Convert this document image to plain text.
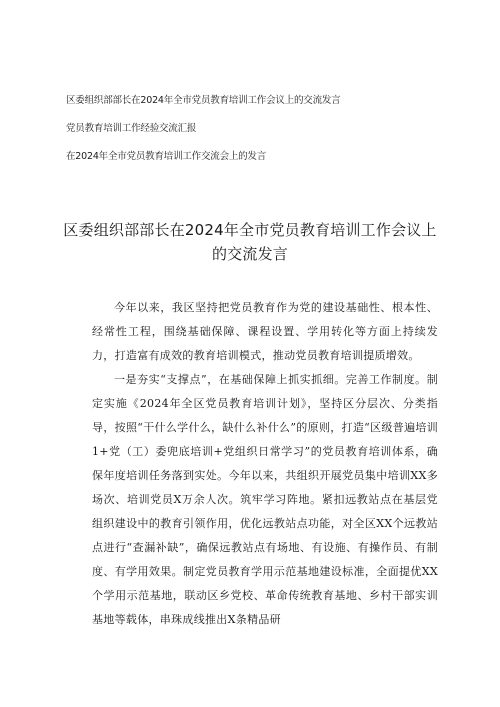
区委组织部部长在2024年全市党员教育培训工作会议上的交流发言
党员教育培训工作经验交流汇报
在2024年全市党员教育培训工作交流会上的发言
区委组织部部长在2024年全市党员教育培训工作会议上
的交流发言

今年以来，我区坚持把党员教育作为党的建设基础性、根本性、经常性工程，围绕基础保障、课程设置、学用转化等方面上持续发力，打造富有成效的教育培训模式，推动党员教育培训提质增效。

一是夯实“支撑点”，在基础保障上抓实抓细。完善工作制度。制定实施《2024年全区党员教育培训计划》，坚持区分层次、分类指导，按照“干什么学什么，缺什么补什么”的原则，打造“区级普遍培训1+党（工）委兜底培训+党组织日常学习”的党员教育培训体系，确保年度培训任务落到实处。今年以来，共组织开展党员集中培训XX多场次、培训党员X万余人次。筑牢学习阵地。紧扣远教站点在基层党组织建设中的教育引领作用，优化远教站点功能，对全区XX个远教站点进行“查漏补缺”，确保远教站点有场地、有设施、有操作员、有制度、有学用效果。制定党员教育学用示范基地建设标准，全面提优XX个学用示范基地，联动区乡党校、革命传统教育基地、乡村干部实训基地等载体，串珠成线推出X条精品研
